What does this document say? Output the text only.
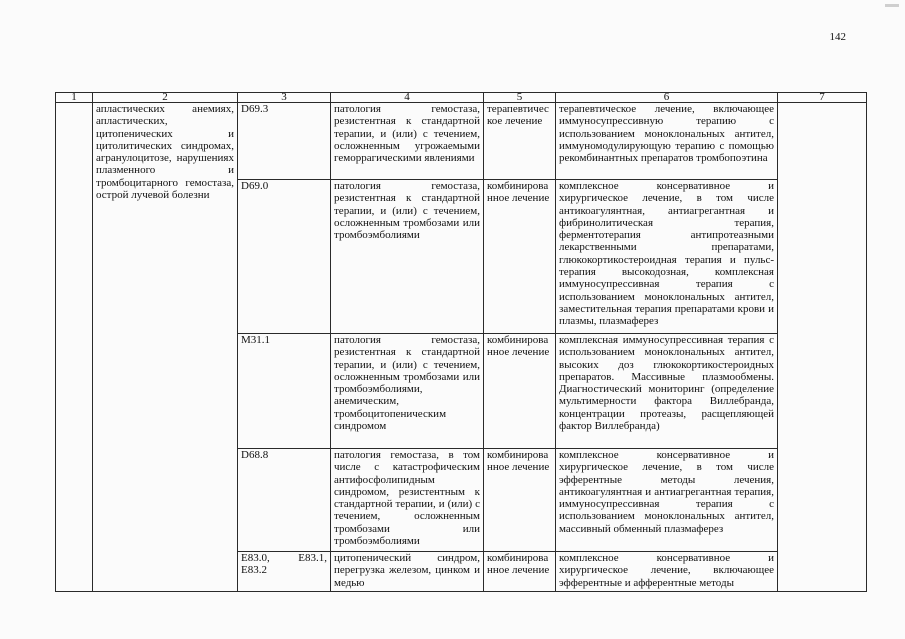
142
1	2	3	4	5	6	7
	апластических анемиях, апластических, цитопенических и цитолитических синдромах, агранулоцитозе, нарушениях плазменного и тромбоцитарного гемостаза, острой лучевой болезни	D69.3	патология гемостаза, резистентная к стандартной терапии, и (или) с течением, осложненным угрожаемыми геморрагическими явлениями	терапевтическое лечение	терапевтическое лечение, включающее иммуносупрессивную терапию с использованием моноклональных антител, иммуномодулирующую терапию с помощью рекомбинантных препаратов тромбопоэтина	
		D69.0	патология гемостаза, резистентная к стандартной терапии, и (или) с течением, осложненным тромбозами или тромбоэмболиями	комбинированное лечение	комплексное консервативное и хирургическое лечение, в том числе антикоагулянтная, антиагрегантная и фибринолитическая терапия, ферментотерапия антипротеазными лекарственными препаратами, глюкокортикостероидная терапия и пульс-терапия высокодозная, комплексная иммуносупрессивная терапия с использованием моноклональных антител, заместительная терапия препаратами крови и плазмы, плазмаферез	
		M31.1	патология гемостаза, резистентная к стандартной терапии, и (или) с течением, осложненным тромбозами или тромбоэмболиями, анемическим, тромбоцитопеническим синдромом	комбинированное лечение	комплексная иммуносупрессивная терапия с использованием моноклональных антител, высоких доз глюкокортикостероидных препаратов. Массивные плазмообмены. Диагностический мониторинг (определение мультимерности фактора Виллебранда, концентрации протеазы, расщепляющей фактор Виллебранда)	
		D68.8	патология гемостаза, в том числе с катастрофическим антифосфолипидным синдромом, резистентным к стандартной терапии, и (или) с течением, осложненным тромбозами или тромбоэмболиями	комбинированное лечение	комплексное консервативное и хирургическое лечение, в том числе эфферентные методы лечения, антикоагулянтная и антиагрегантная терапия, иммуносупрессивная терапия с использованием моноклональных антител, массивный обменный плазмаферез	
		E83.0, E83.1, E83.2	цитопенический синдром, перегрузка железом, цинком и медью	комбинированное лечение	комплексное консервативное и хирургическое лечение, включающее эфферентные и афферентные методы	
